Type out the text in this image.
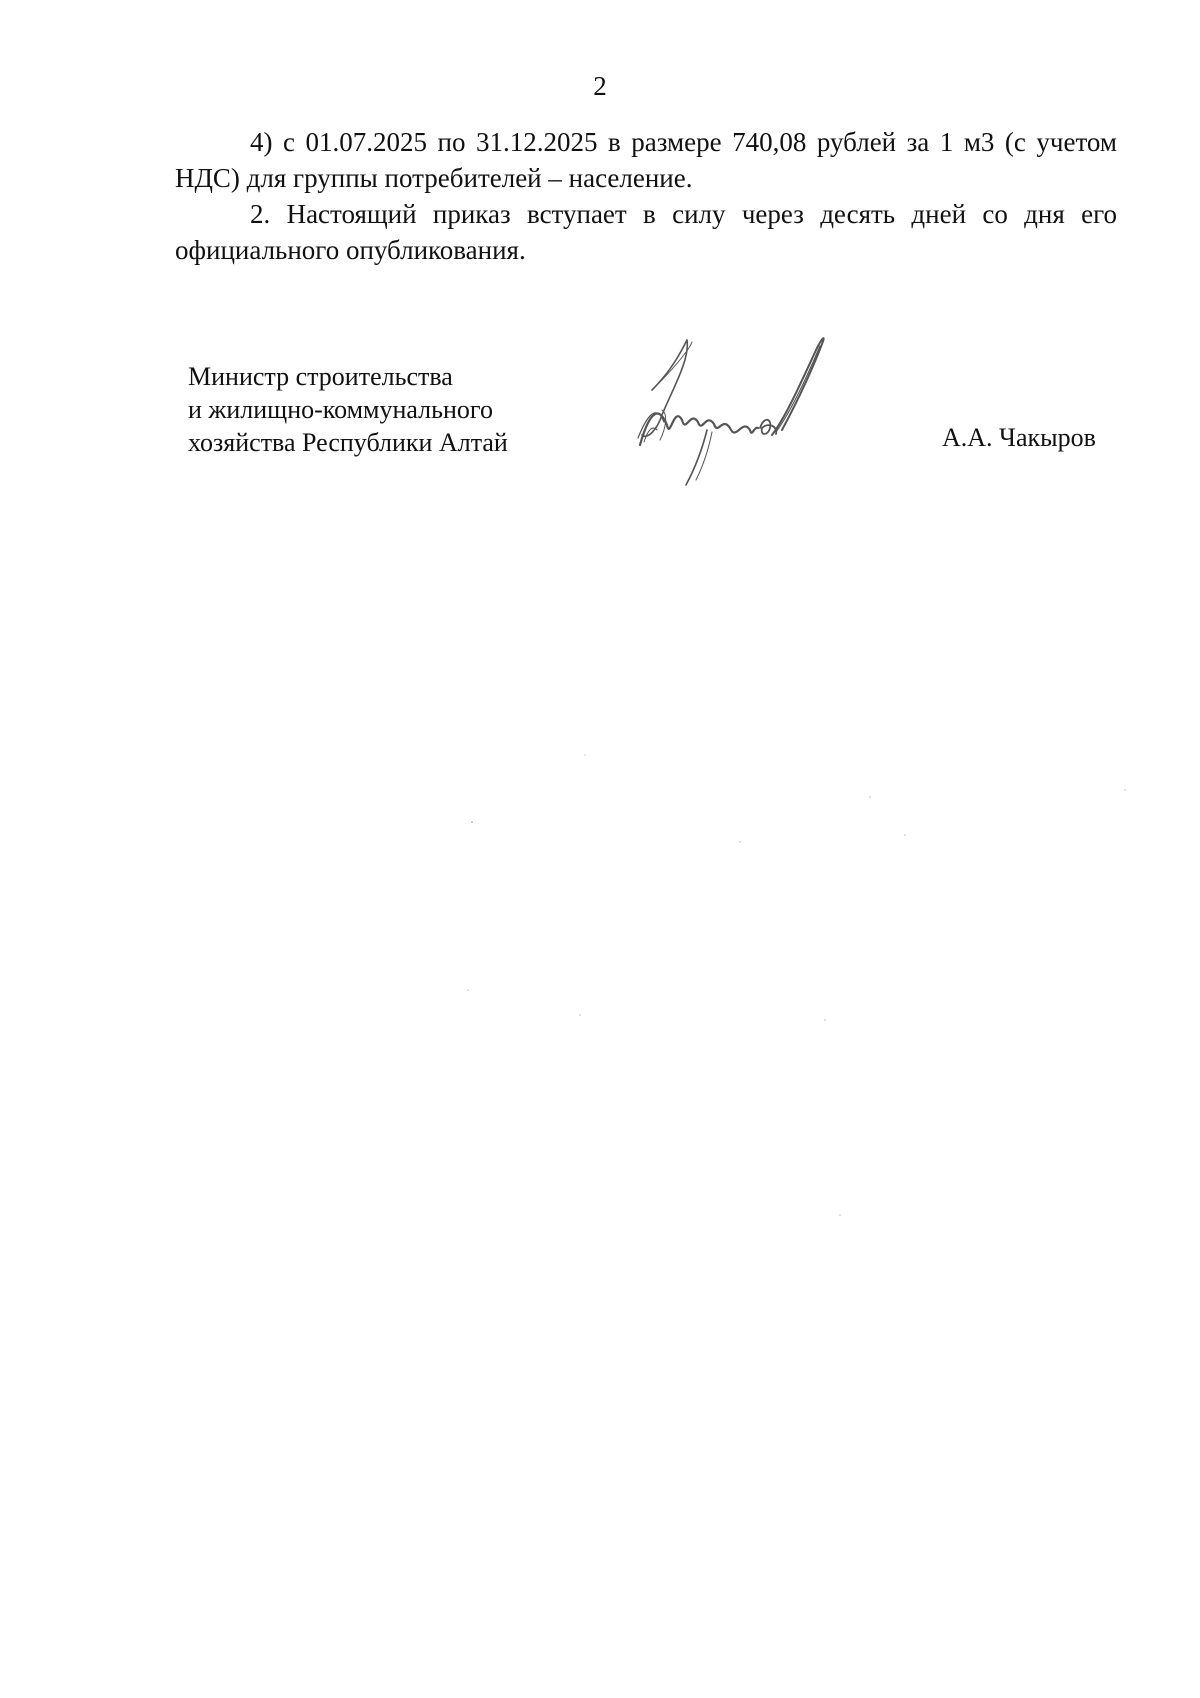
2

4) с 01.07.2025 по 31.12.2025 в размере 740,08 рублей за 1 м3 (с учетом НДС) для группы потребителей – население.

2. Настоящий приказ вступает в силу через десять дней со дня его официального опубликования.

Министр строительства
и жилищно-коммунального
хозяйства Республики Алтай	А.А. Чакыров
